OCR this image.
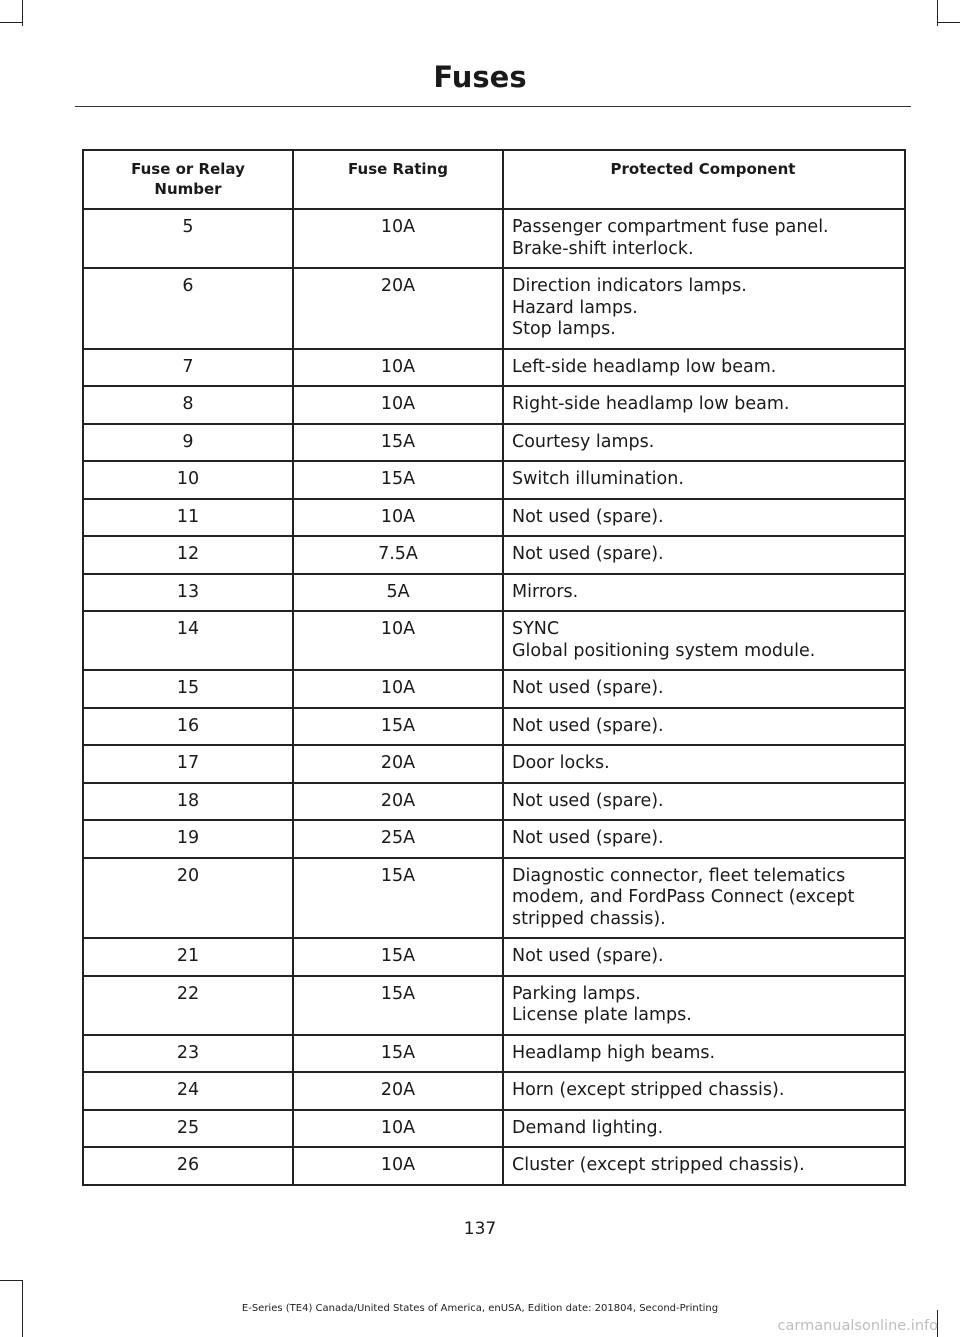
Fuses
Fuse or Relay
Number	Fuse Rating	Protected Component
5	10A	Passenger compartment fuse panel.
Brake-shift interlock.

6	20A	Direction indicators lamps.
Hazard lamps.
Stop lamps.

7	10A	Left-side headlamp low beam.

8	10A	Right-side headlamp low beam.

9	15A	Courtesy lamps.

10	15A	Switch illumination.

11	10A	Not used (spare).

12	7.5A	Not used (spare).

13	5A	Mirrors.

14	10A	SYNC
Global positioning system module.

15	10A	Not used (spare).

16	15A	Not used (spare).

17	20A	Door locks.

18	20A	Not used (spare).

19	25A	Not used (spare).

20	15A	Diagnostic connector, fleet telematics
modem, and FordPass Connect (except
stripped chassis).

21	15A	Not used (spare).

22	15A	Parking lamps.
License plate lamps.

23	15A	Headlamp high beams.

24	20A	Horn (except stripped chassis).

25	10A	Demand lighting.

26	10A	Cluster (except stripped chassis).
137
E-Series (TE4) Canada/United States of America, enUSA, Edition date: 201804, Second-Printing
carmanualsonline.info
